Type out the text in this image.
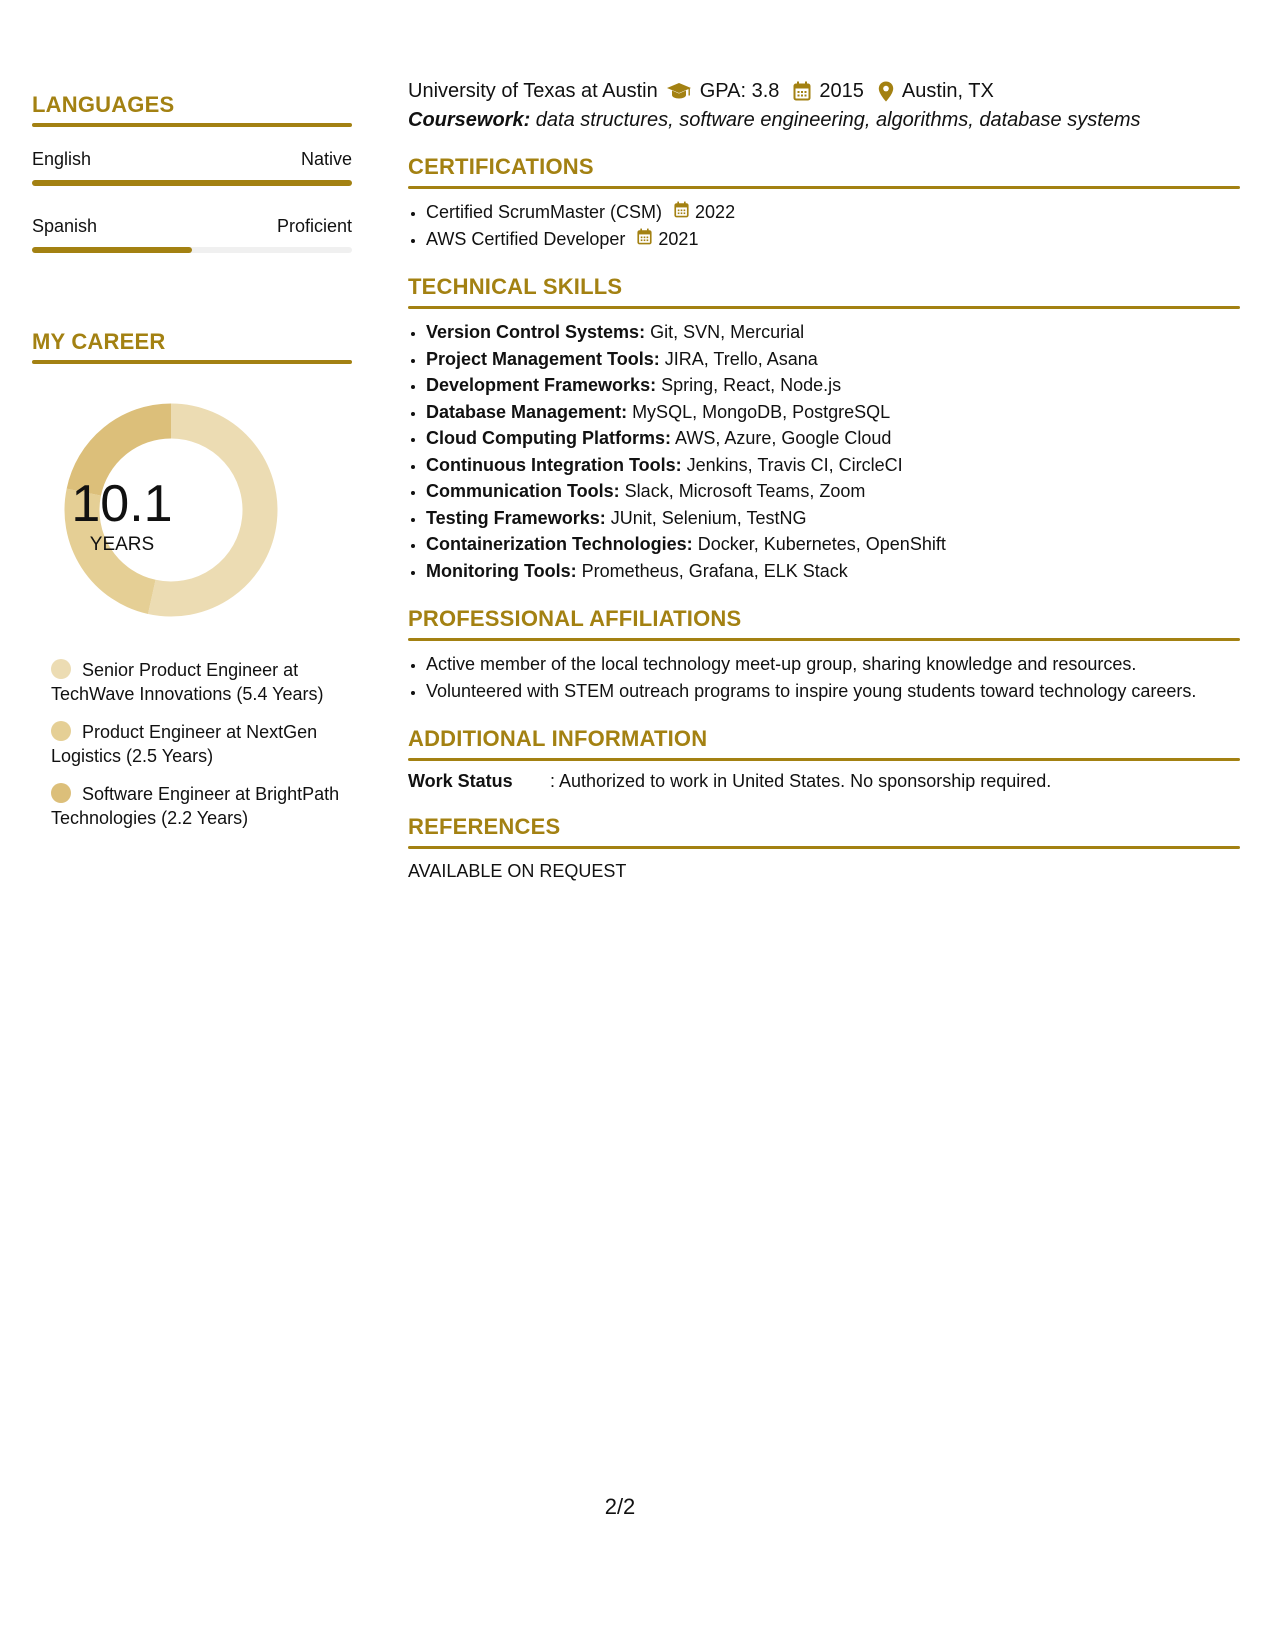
LANGUAGES
English	Native
Spanish	Proficient
MY CAREER
10.1
YEARS
Senior Product Engineer at TechWave Innovations (5.4 Years)
Product Engineer at NextGen Logistics (2.5 Years)
Software Engineer at BrightPath Technologies (2.2 Years)
University of Texas at Austin GPA: 3.8 2015 Austin, TX
Coursework: data structures, software engineering, algorithms, database systems
CERTIFICATIONS
• Certified ScrumMaster (CSM) 2022
• AWS Certified Developer 2021
TECHNICAL SKILLS
• Version Control Systems: Git, SVN, Mercurial
• Project Management Tools: JIRA, Trello, Asana
• Development Frameworks: Spring, React, Node.js
• Database Management: MySQL, MongoDB, PostgreSQL
• Cloud Computing Platforms: AWS, Azure, Google Cloud
• Continuous Integration Tools: Jenkins, Travis CI, CircleCI
• Communication Tools: Slack, Microsoft Teams, Zoom
• Testing Frameworks: JUnit, Selenium, TestNG
• Containerization Technologies: Docker, Kubernetes, OpenShift
• Monitoring Tools: Prometheus, Grafana, ELK Stack
PROFESSIONAL AFFILIATIONS
• Active member of the local technology meet-up group, sharing knowledge and resources.
• Volunteered with STEM outreach programs to inspire young students toward technology careers.
ADDITIONAL INFORMATION
Work Status	: Authorized to work in United States. No sponsorship required.
REFERENCES
AVAILABLE ON REQUEST
2/2
